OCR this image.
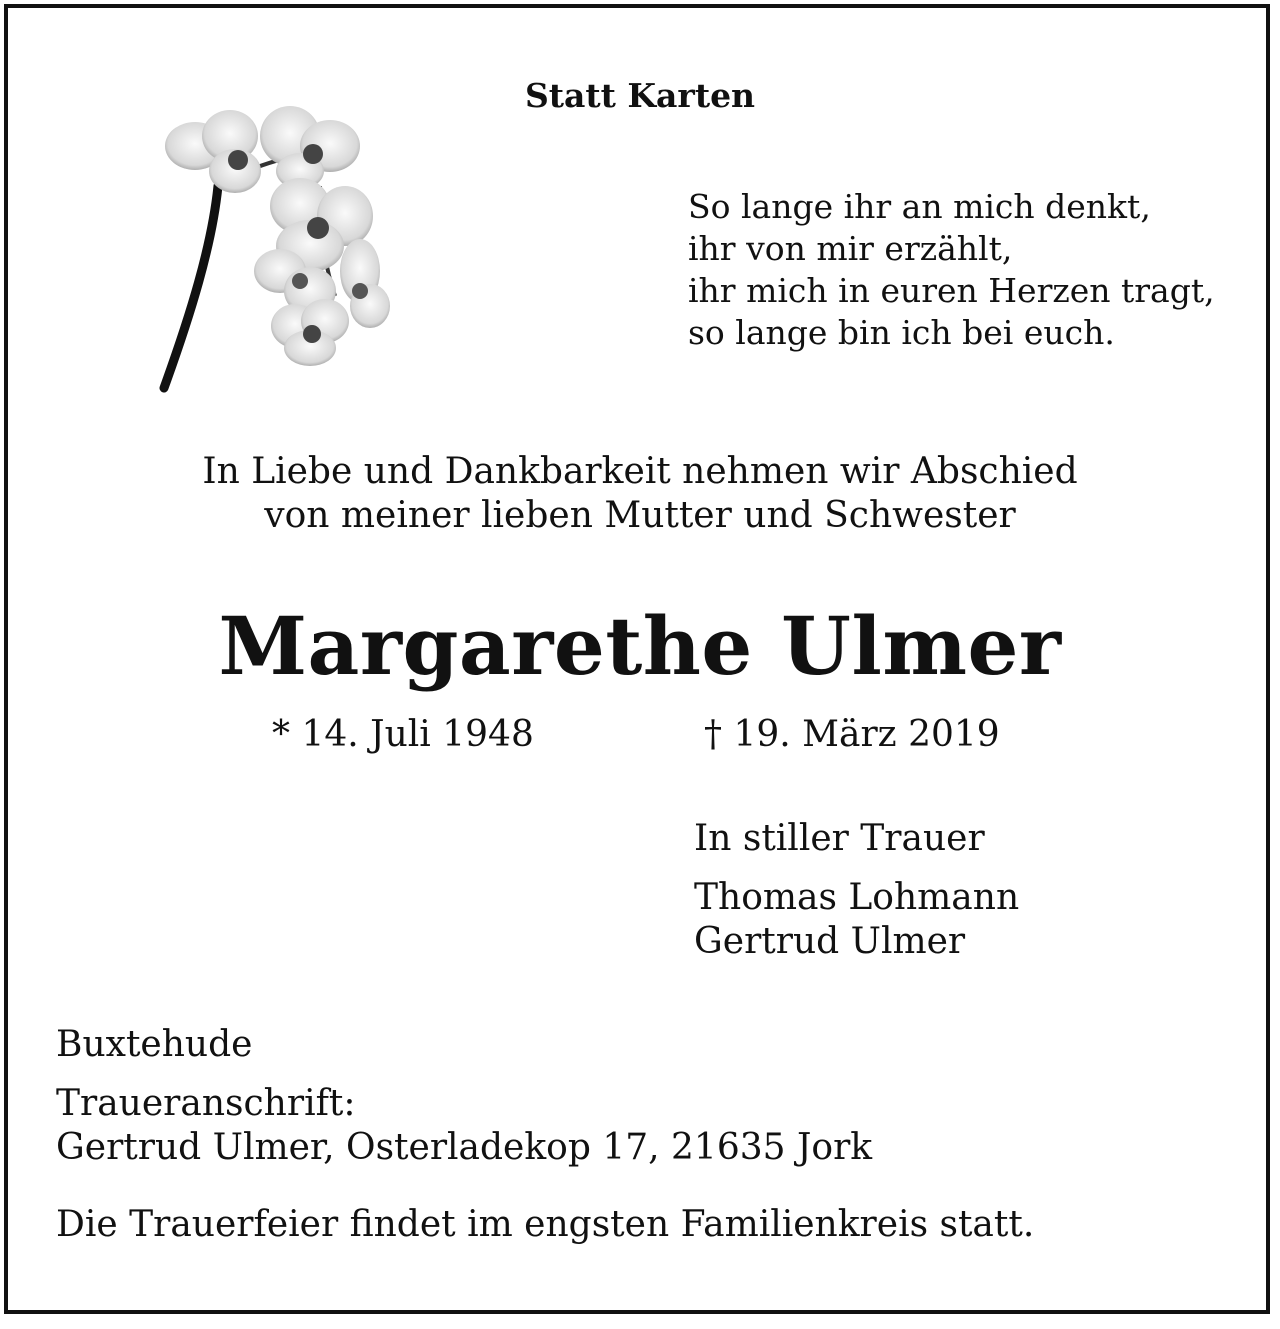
Statt Karten

So lange ihr an mich denkt,
ihr von mir erzählt,
ihr mich in euren Herzen tragt,
so lange bin ich bei euch.
In Liebe und Dankbarkeit nehmen wir Abschied
von meiner lieben Mutter und Schwester

Margarethe Ulmer

* 14. Juli 1948	† 19. März 2019

In stiller Trauer

Thomas Lohmann
Gertrud Ulmer

Buxtehude

Traueranschrift:
Gertrud Ulmer, Osterladekop 17, 21635 Jork

Die Trauerfeier findet im engsten Familienkreis statt.
